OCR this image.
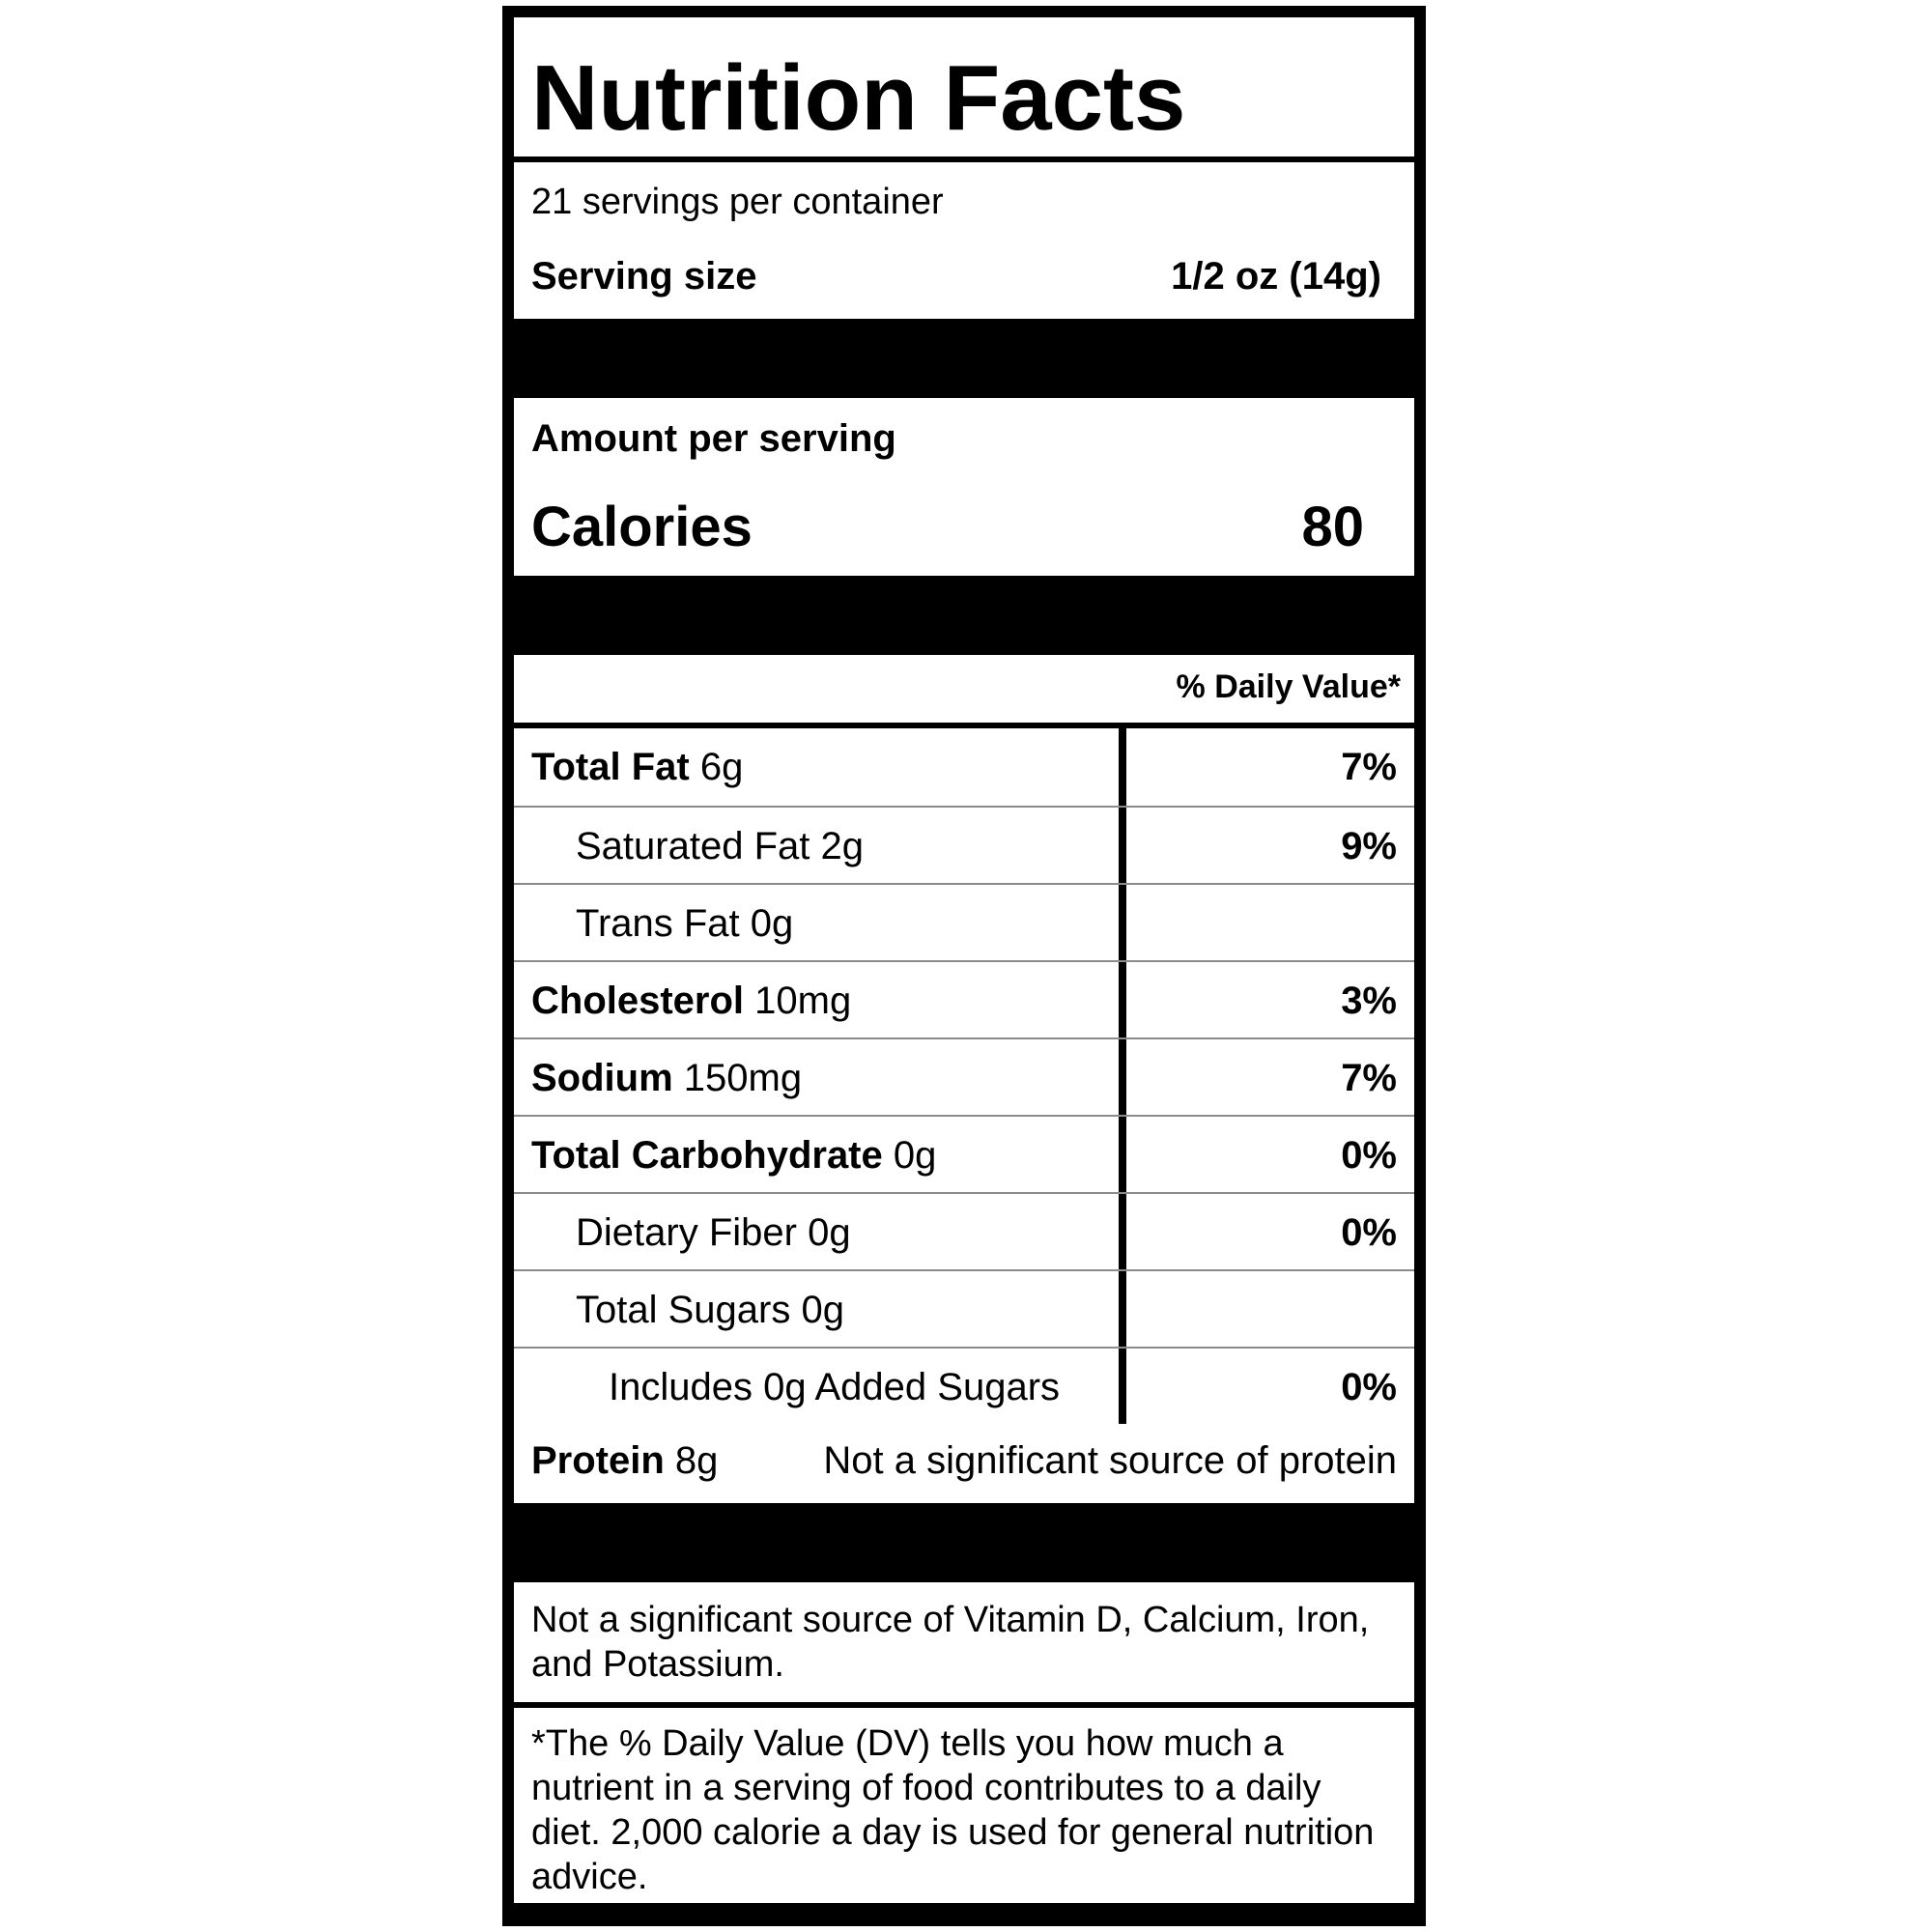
Nutrition Facts
21 servings per container
Serving size	1/2 oz (14g)
Amount per serving
Calories	80
% Daily Value*
Total Fat 6g	7%
Saturated Fat 2g	9%
Trans Fat 0g
Cholesterol 10mg	3%
Sodium 150mg	7%
Total Carbohydrate 0g	0%
Dietary Fiber 0g	0%
Total Sugars 0g
Includes 0g Added Sugars	0%
Protein 8g	Not a significant source of protein
Not a significant source of Vitamin D, Calcium, Iron, and Potassium.
*The % Daily Value (DV) tells you how much a nutrient in a serving of food contributes to a daily diet. 2,000 calorie a day is used for general nutrition advice.
